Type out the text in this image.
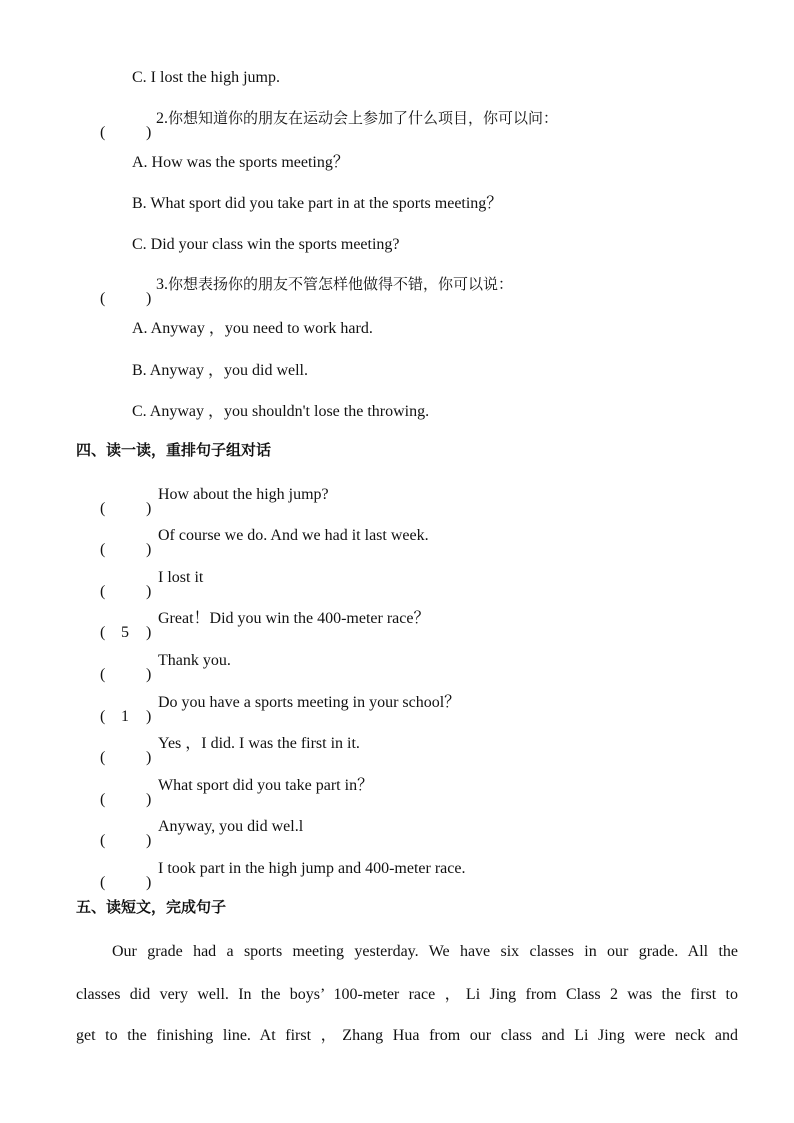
C. I lost the high jump.
(	)
2.你想知道你的朋友在运动会上参加了什么项目，你可以问：
A. How was the sports meeting？
B. What sport did you take part in at the sports meeting？
C. Did your class win the sports meeting?
(	)
3.你想表扬你的朋友不管怎样他做得不错，你可以说：
A. Anyway ，you need to work hard.
B. Anyway ，you did well.
C. Anyway ，you shouldn't lose the throwing.
四、读一读，重排句子组对话
(	)
How about the high jump?
(	)
Of course we do. And we had it last week.
(	)
I lost it
( 5 )
Great！Did you win the 400-meter race？
(	)
Thank you.
( 1 )
Do you have a sports meeting in your school？
(	)
Yes ，I did. I was the first in it.
(	)
What sport did you take part in？
(	)
Anyway, you did wel.l
(	)
I took part in the high jump and 400-meter race.
五、读短文，完成句子
Our grade had a sports meeting yesterday. We have six classes in our grade. All the
classes did very well. In the boys’ 100-meter race ，Li Jing from Class 2 was the first to
get to the finishing line. At first ，Zhang Hua from our class and Li Jing were neck and
